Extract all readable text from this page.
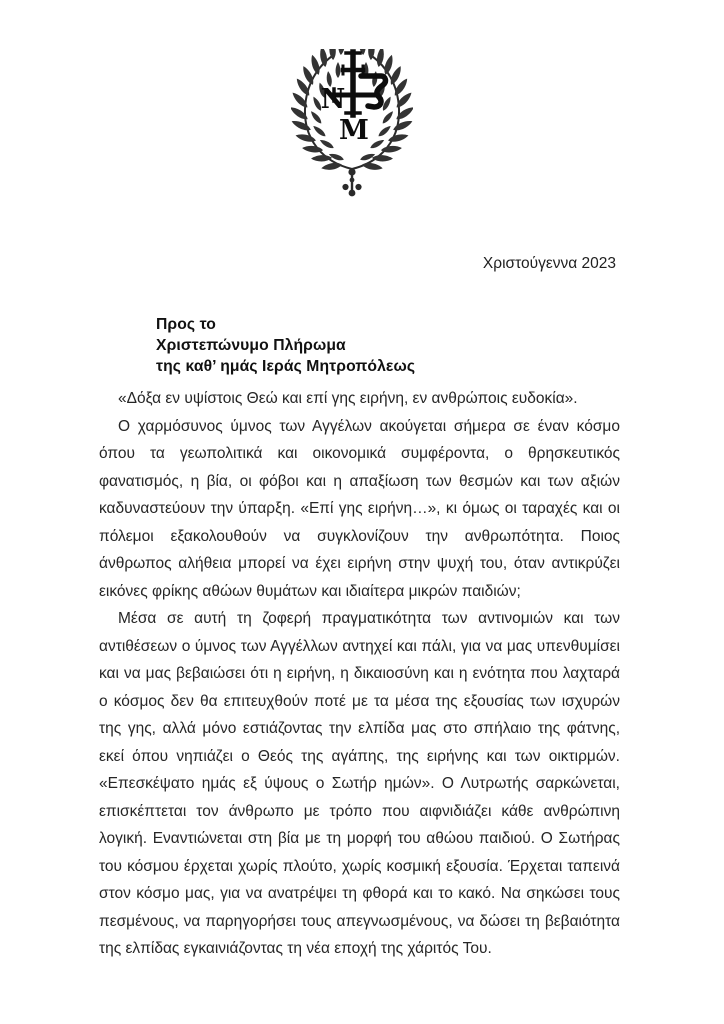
Ν
Μ
Χριστούγεννα 2023
Προς το
Χριστεπώνυμο Πλήρωμα
της καθ’ ημάς Ιεράς Μητροπόλεως

«Δόξα εν υψίστοις Θεώ και επί γης ειρήνη, εν ανθρώποις ευδοκία».

Ο χαρμόσυνος ύμνος των Αγγέλων ακούγεται σήμερα σε έναν κόσμο όπου τα γεωπολιτικά και οικονομικά συμφέροντα, ο θρησκευτικός φανατισμός, η βία, οι φόβοι και η απαξίωση των θεσμών και των αξιών καδυναστεύουν την ύπαρξη. «Επί γης ειρήνη…», κι όμως οι ταραχές και οι πόλεμοι εξακολουθούν να συγκλονίζουν την ανθρωπότητα. Ποιος άνθρωπος αλήθεια μπορεί να έχει ειρήνη στην ψυχή του, όταν αντικρύζει εικόνες φρίκης αθώων θυμάτων και ιδιαίτερα μικρών παιδιών;

Μέσα σε αυτή τη ζοφερή πραγματικότητα των αντινομιών και των αντιθέσεων ο ύμνος των Αγγέλλων αντηχεί και πάλι, για να μας υπενθυμίσει και να μας βεβαιώσει ότι η ειρήνη, η δικαιοσύνη και η ενότητα που λαχταρά ο κόσμος δεν θα επιτευχθούν ποτέ με τα μέσα της εξουσίας των ισχυρών της γης, αλλά μόνο εστιάζοντας την ελπίδα μας στο σπήλαιο της φάτνης, εκεί όπου νηπιάζει ο Θεός της αγάπης, της ειρήνης και των οικτιρμών. «Επεσκέψατο ημάς εξ ύψους ο Σωτήρ ημών». Ο Λυτρωτής σαρκώνεται, επισκέπτεται τον άνθρωπο με τρόπο που αιφνιδιάζει κάθε ανθρώπινη λογική. Εναντιώνεται στη βία με τη μορφή του αθώου παιδιού. Ο Σωτήρας του κόσμου έρχεται χωρίς πλούτο, χωρίς κοσμική εξουσία. Έρχεται ταπεινά στον κόσμο μας, για να ανατρέψει τη φθορά και το κακό. Να σηκώσει τους πεσμένους, να παρηγορήσει τους απεγνωσμένους, να δώσει τη βεβαιότητα της ελπίδας εγκαινιάζοντας τη νέα εποχή της χάριτός Του.
